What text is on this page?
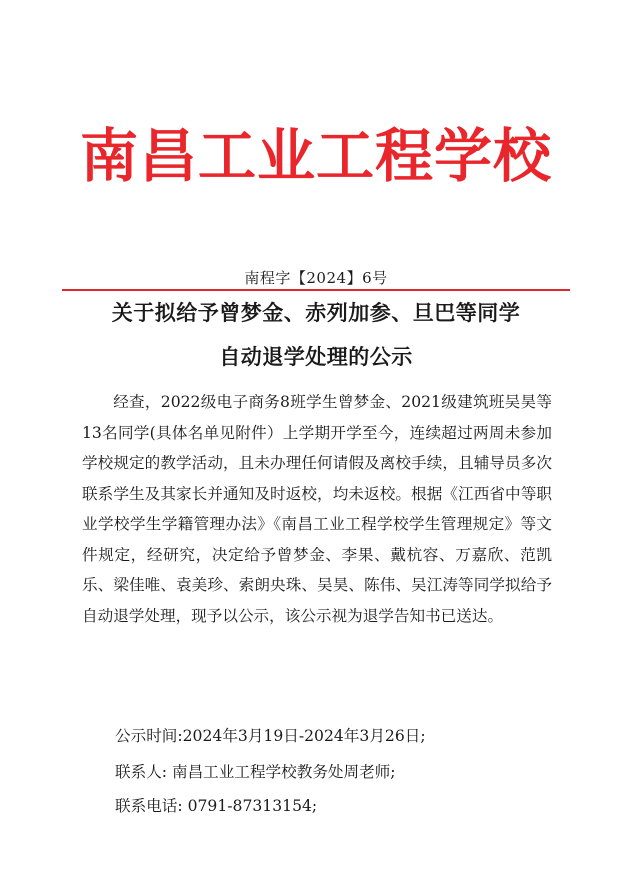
南昌工业工程学校
南程字【2024】6号
关于拟给予曾梦金、赤列加参、旦巴等同学
自动退学处理的公示

经查，2022级电子商务8班学生曾梦金、2021级建筑班吴昊等13名同学(具体名单见附件）上学期开学至今，连续超过两周未参加学校规定的教学活动，且未办理任何请假及离校手续，且辅导员多次联系学生及其家长并通知及时返校，均未返校。根据《江西省中等职业学校学生学籍管理办法》《南昌工业工程学校学生管理规定》等文件规定，经研究，决定给予曾梦金、李果、戴杭容、万嘉欣、范凯乐、梁佳唯、袁美珍、索朗央珠、吴昊、陈伟、吴江涛等同学拟给予自动退学处理，现予以公示，该公示视为退学告知书已送达。

公示时间:2024年3月19日-2024年3月26日;
联系人: 南昌工业工程学校教务处周老师;
联系电话: 0791-87313154;
